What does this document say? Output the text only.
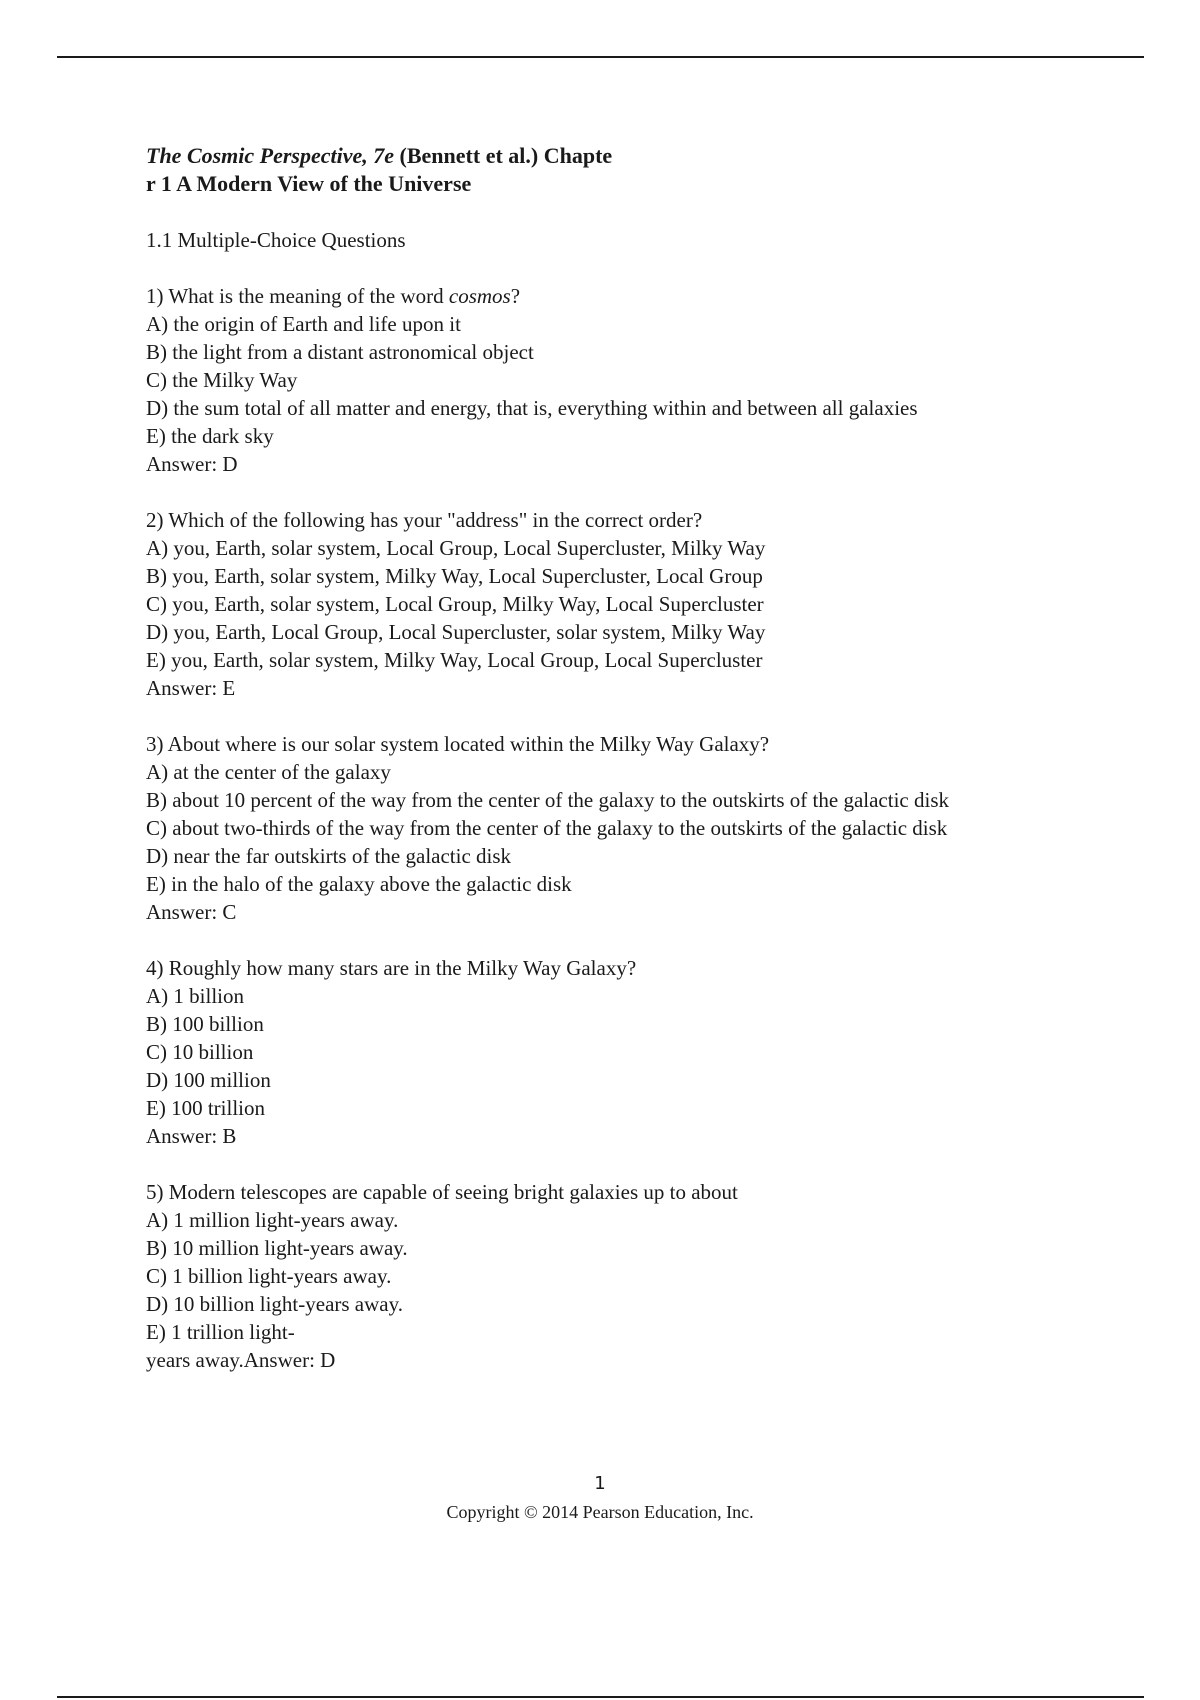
The Cosmic Perspective, 7e (Bennett et al.) Chapte
r 1 A Modern View of the Universe
1.1 Multiple-Choice Questions
1) What is the meaning of the word cosmos?
A) the origin of Earth and life upon it
B) the light from a distant astronomical object
C) the Milky Way
D) the sum total of all matter and energy, that is, everything within and between all galaxies
E) the dark sky
Answer: D
2) Which of the following has your "address" in the correct order?
A) you, Earth, solar system, Local Group, Local Supercluster, Milky Way
B) you, Earth, solar system, Milky Way, Local Supercluster, Local Group
C) you, Earth, solar system, Local Group, Milky Way, Local Supercluster
D) you, Earth, Local Group, Local Supercluster, solar system, Milky Way
E) you, Earth, solar system, Milky Way, Local Group, Local Supercluster
Answer: E
3) About where is our solar system located within the Milky Way Galaxy?
A) at the center of the galaxy
B) about 10 percent of the way from the center of the galaxy to the outskirts of the galactic disk
C) about two-thirds of the way from the center of the galaxy to the outskirts of the galactic disk
D) near the far outskirts of the galactic disk
E) in the halo of the galaxy above the galactic disk
Answer: C
4) Roughly how many stars are in the Milky Way Galaxy?
A) 1 billion
B) 100 billion
C) 10 billion
D) 100 million
E) 100 trillion
Answer: B
5) Modern telescopes are capable of seeing bright galaxies up to about
A) 1 million light-years away.
B) 10 million light-years away.
C) 1 billion light-years away.
D) 10 billion light-years away.
E) 1 trillion light-
years away.Answer: D
1
Copyright © 2014 Pearson Education, Inc.
